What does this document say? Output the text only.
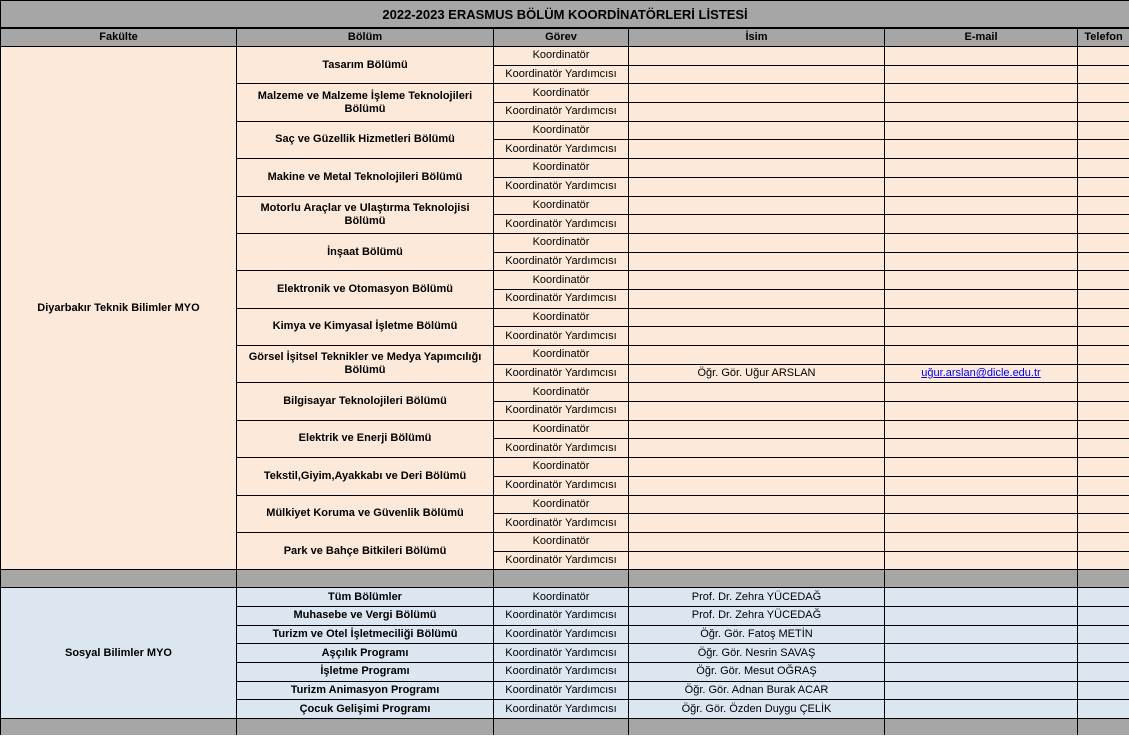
2022-2023 ERASMUS BÖLÜM KOORDİNATÖRLERİ LİSTESİ					
Fakülte	Bölüm	Görev	İsim	E-mail	Telefon
Diyarbakır Teknik Bilimler MYO	Tasarım Bölümü	Koordinatör			
		Koordinatör Yardımcısı			
	Malzeme ve Malzeme İşleme Teknolojileri Bölümü	Koordinatör			
		Koordinatör Yardımcısı			
	Saç ve Güzellik Hizmetleri Bölümü	Koordinatör			
		Koordinatör Yardımcısı			
	Makine ve Metal Teknolojileri Bölümü	Koordinatör			
		Koordinatör Yardımcısı			
	Motorlu Araçlar ve Ulaştırma Teknolojisi Bölümü	Koordinatör			
		Koordinatör Yardımcısı			
	İnşaat Bölümü	Koordinatör			
		Koordinatör Yardımcısı			
	Elektronik ve Otomasyon Bölümü	Koordinatör			
		Koordinatör Yardımcısı			
	Kimya ve Kimyasal İşletme Bölümü	Koordinatör			
		Koordinatör Yardımcısı			
	Görsel İşitsel Teknikler ve Medya Yapımcılığı Bölümü	Koordinatör			
		Koordinatör Yardımcısı	Öğr. Gör. Uğur ARSLAN	uğur.arslan@dicle.edu.tr	
	Bilgisayar Teknolojileri Bölümü	Koordinatör			
		Koordinatör Yardımcısı			
	Elektrik ve Enerji Bölümü	Koordinatör			
		Koordinatör Yardımcısı			
	Tekstil,Giyim,Ayakkabı ve Deri Bölümü	Koordinatör			
		Koordinatör Yardımcısı			
	Mülkiyet Koruma ve Güvenlik Bölümü	Koordinatör			
		Koordinatör Yardımcısı			
	Park ve Bahçe Bitkileri Bölümü	Koordinatör			
		Koordinatör Yardımcısı			

Sosyal Bilimler MYO	Tüm Bölümler	Koordinatör	Prof. Dr. Zehra YÜCEDAĞ		
	Muhasebe ve Vergi Bölümü	Koordinatör Yardımcısı	Prof. Dr. Zehra YÜCEDAĞ		
	Turizm ve Otel İşletmeciliği Bölümü	Koordinatör Yardımcısı	Öğr. Gör. Fatoş METİN		
	Aşçılık Programı	Koordinatör Yardımcısı	Öğr. Gör. Nesrin SAVAŞ		
	İşletme Programı	Koordinatör Yardımcısı	Öğr. Gör. Mesut OĞRAŞ		
	Turizm Animasyon Programı	Koordinatör Yardımcısı	Öğr. Gör. Adnan Burak ACAR		
	Çocuk Gelişimi Programı	Koordinatör Yardımcısı	Öğr. Gör. Özden Duygu ÇELİK		
